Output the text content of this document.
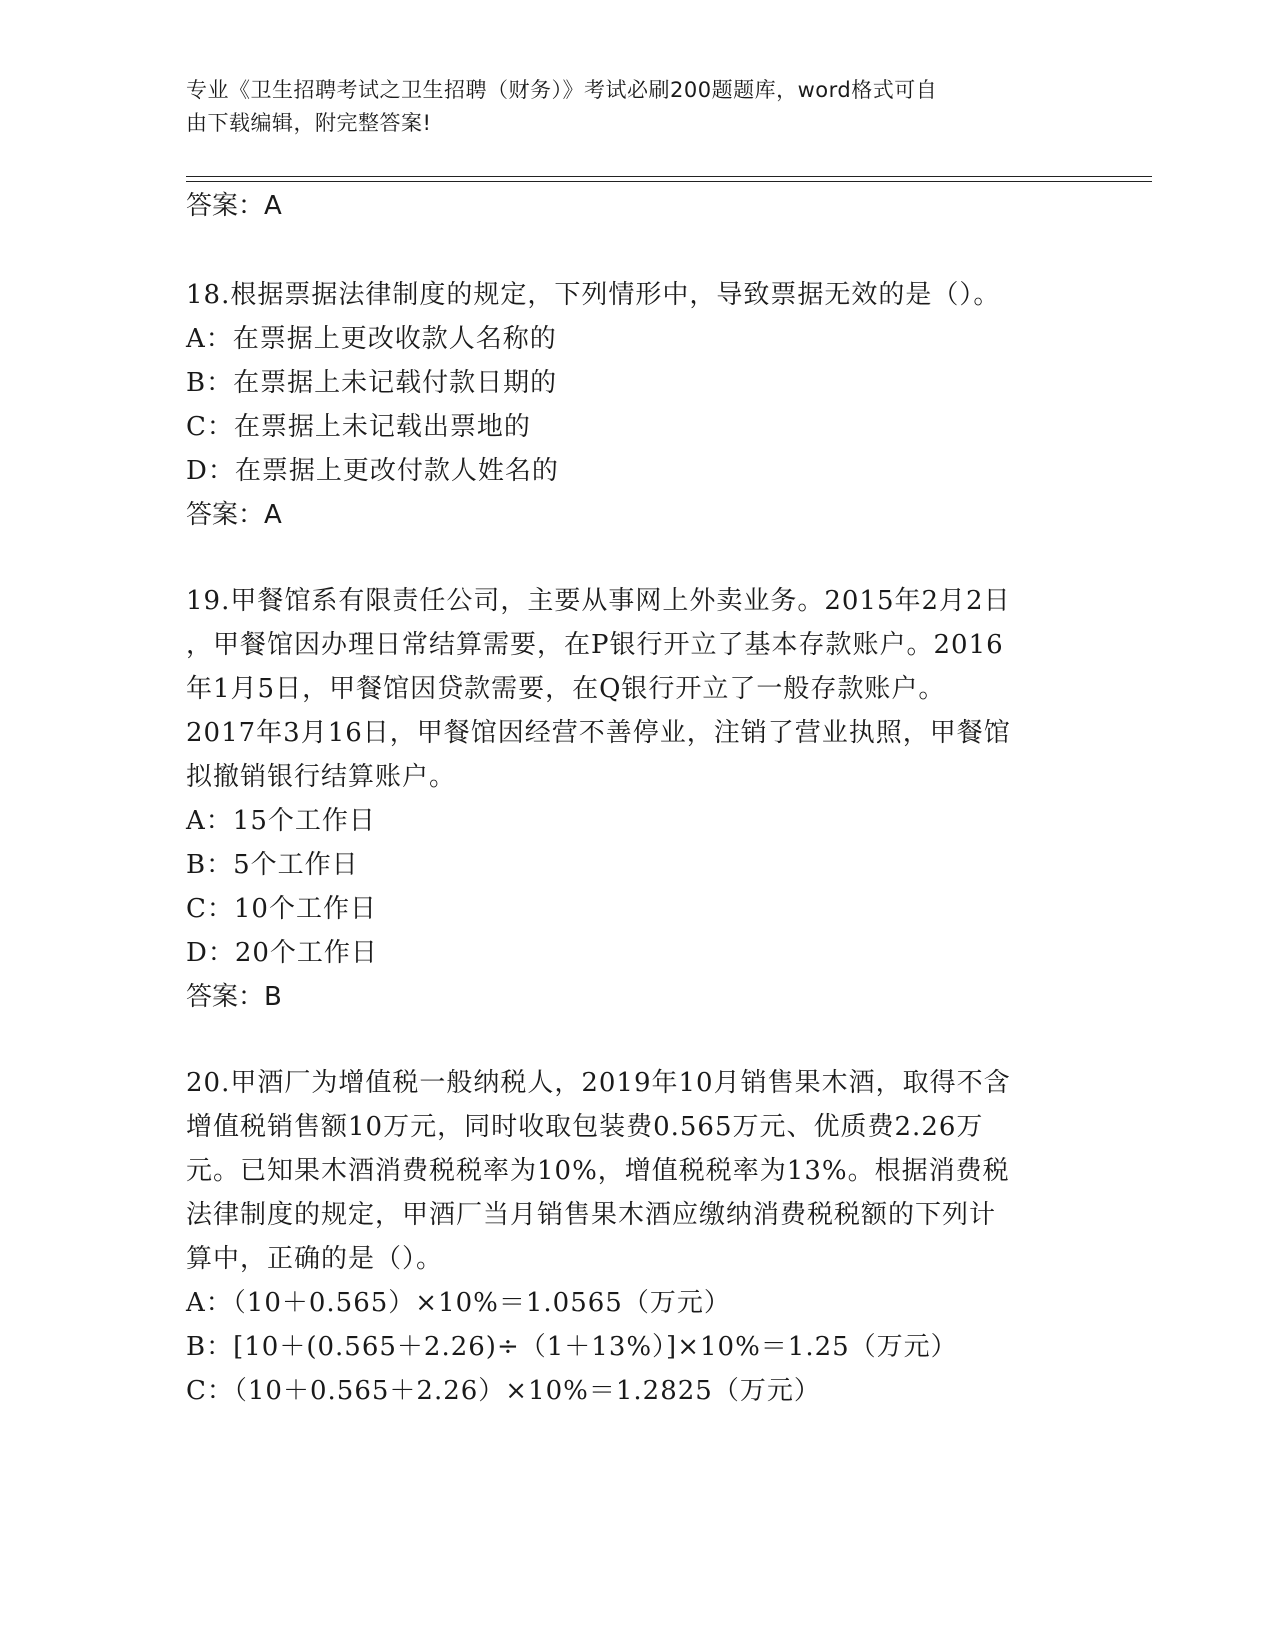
专业《卫生招聘考试之卫生招聘（财务）》考试必刷200题题库，word格式可自
由下载编辑，附完整答案!
答案：A
18.根据票据法律制度的规定，下列情形中，导致票据无效的是（）。
A：在票据上更改收款人名称的
B：在票据上未记载付款日期的
C：在票据上未记载出票地的
D：在票据上更改付款人姓名的
答案：A
19.甲餐馆系有限责任公司，主要从事网上外卖业务。2015年2月2日
，甲餐馆因办理日常结算需要，在P银行开立了基本存款账户。2016
年1月5日，甲餐馆因贷款需要，在Q银行开立了一般存款账户。
2017年3月16日，甲餐馆因经营不善停业，注销了营业执照，甲餐馆
拟撤销银行结算账户。
A：15个工作日
B：5个工作日
C：10个工作日
D：20个工作日
答案：B
20.甲酒厂为增值税一般纳税人，2019年10月销售果木酒，取得不含
增值税销售额10万元，同时收取包装费0.565万元、优质费2.26万
元。已知果木酒消费税税率为10%，增值税税率为13%。根据消费税
法律制度的规定，甲酒厂当月销售果木酒应缴纳消费税税额的下列计
算中，正确的是（）。
A：（10＋0.565）×10%＝1.0565（万元）
B：[10＋(0.565＋2.26)÷（1＋13%）]×10%＝1.25（万元）
C：（10＋0.565＋2.26）×10%＝1.2825（万元）
